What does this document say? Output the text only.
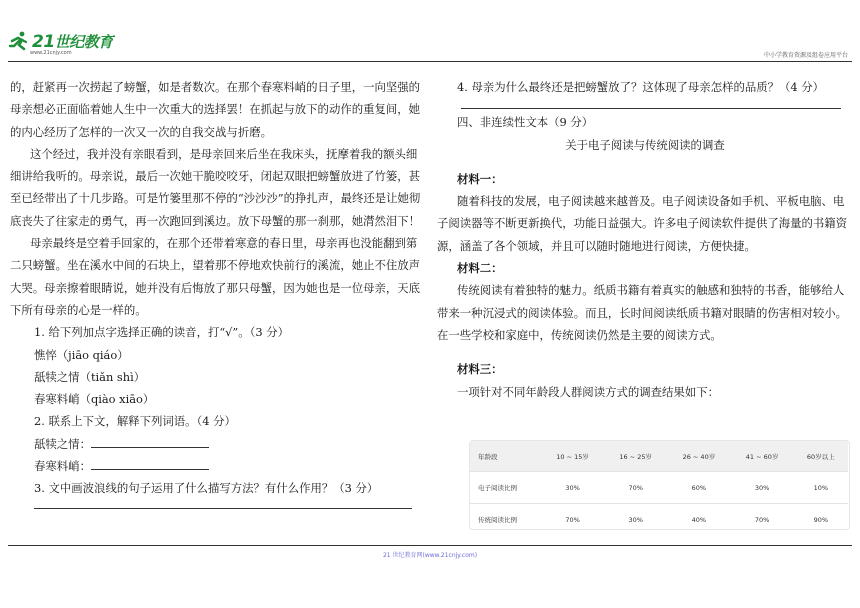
21世纪教育
www.21cnjy.com	中小学教育资源及组卷应用平台

的，赶紧再一次捞起了螃蟹，如是者数次。在那个春寒料峭的日子里，一向坚强的母亲想必正面临着她人生中一次重大的选择罢！在抓起与放下的动作的重复间，她的内心经历了怎样的一次又一次的自我交战与折磨。

这个经过，我并没有亲眼看到，是母亲回来后坐在我床头，抚摩着我的额头细细讲给我听的。母亲说，最后一次她干脆咬咬牙，闭起双眼把螃蟹放进了竹篓，甚至已经带出了十几步路。可是竹篓里那不停的“沙沙沙”的挣扎声，最终还是让她彻底丧失了往家走的勇气，再一次跑回到溪边。放下母蟹的那一刹那，她潸然泪下！

母亲最终是空着手回家的，在那个还带着寒意的春日里，母亲再也没能翻到第二只螃蟹。坐在溪水中间的石块上，望着那不停地欢快前行的溪流，她止不住放声大哭。母亲擦着眼睛说，她并没有后悔放了那只母蟹，因为她也是一位母亲，天底下所有母亲的心是一样的。

1. 给下列加点字选择正确的读音，打“√”。（3 分）

憔悴（jiāo qiáo）

舐犊之情（tiǎn shì）

春寒料峭（qiào xiāo）

2. 联系上下文，解释下列词语。（4 分）

舐犊之情：

春寒料峭：

3. 文中画波浪线的句子运用了什么描写方法？有什么作用？（3 分）

4. 母亲为什么最终还是把螃蟹放了？这体现了母亲怎样的品质？（4 分）

四、非连续性文本（9 分）

关于电子阅读与传统阅读的调查

材料一：

随着科技的发展，电子阅读越来越普及。电子阅读设备如手机、平板电脑、电子阅读器等不断更新换代，功能日益强大。许多电子阅读软件提供了海量的书籍资源，涵盖了各个领域，并且可以随时随地进行阅读，方便快捷。

材料二：

传统阅读有着独特的魅力。纸质书籍有着真实的触感和独特的书香，能够给人带来一种沉浸式的阅读体验。而且，长时间阅读纸质书籍对眼睛的伤害相对较小。在一些学校和家庭中，传统阅读仍然是主要的阅读方式。

材料三：

一项针对不同年龄段人群阅读方式的调查结果如下：

年龄段	10 ~ 15岁	16 ~ 25岁	26 ~ 40岁	41 ~ 60岁	60岁以上
电子阅读比例	30%	70%	60%	30%	10%
传统阅读比例	70%	30%	40%	70%	90%
21 世纪教育网(www.21cnjy.com)
